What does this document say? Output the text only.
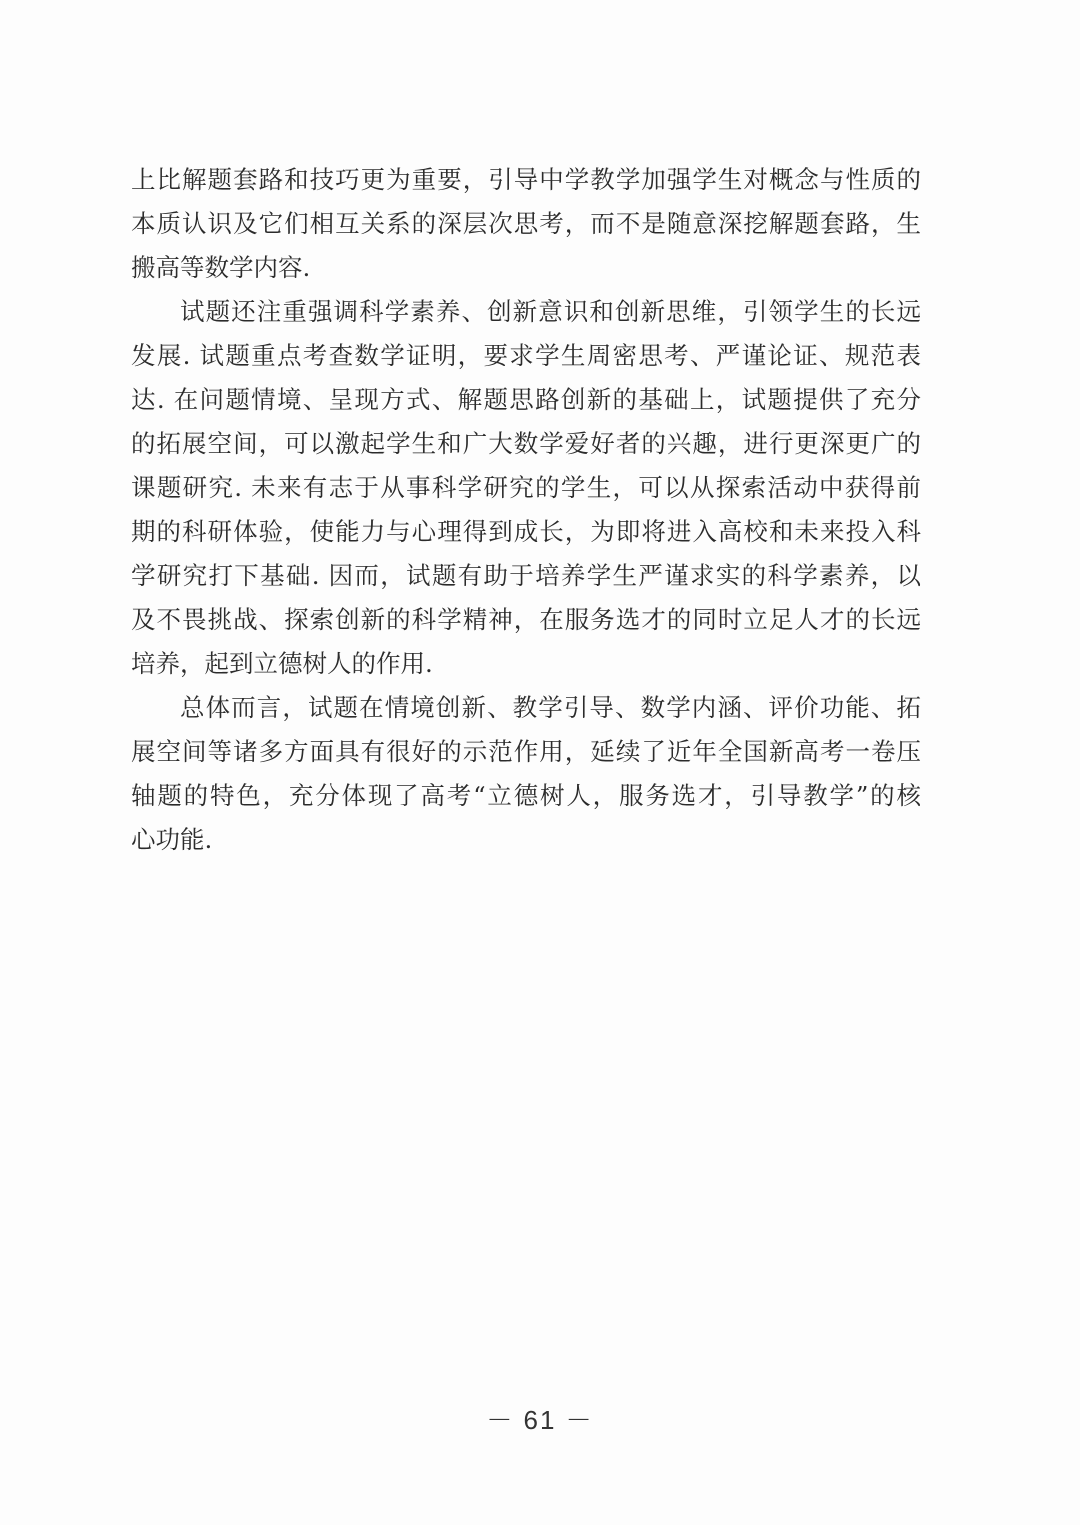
上比解题套路和技巧更为重要，引导中学教学加强学生对概念与性质的
本质认识及它们相互关系的深层次思考，而不是随意深挖解题套路，生
搬高等数学内容.
试题还注重强调科学素养、创新意识和创新思维，引领学生的长远
发展. 试题重点考查数学证明，要求学生周密思考、严谨论证、规范表
达. 在问题情境、呈现方式、解题思路创新的基础上，试题提供了充分
的拓展空间，可以激起学生和广大数学爱好者的兴趣，进行更深更广的
课题研究. 未来有志于从事科学研究的学生，可以从探索活动中获得前
期的科研体验，使能力与心理得到成长，为即将进入高校和未来投入科
学研究打下基础. 因而，试题有助于培养学生严谨求实的科学素养，以
及不畏挑战、探索创新的科学精神，在服务选才的同时立足人才的长远
培养，起到立德树人的作用.
总体而言，试题在情境创新、教学引导、数学内涵、评价功能、拓
展空间等诸多方面具有很好的示范作用，延续了近年全国新高考一卷压
轴题的特色，充分体现了高考“立德树人，服务选才，引导教学”的核
心功能.
－ 61 －
